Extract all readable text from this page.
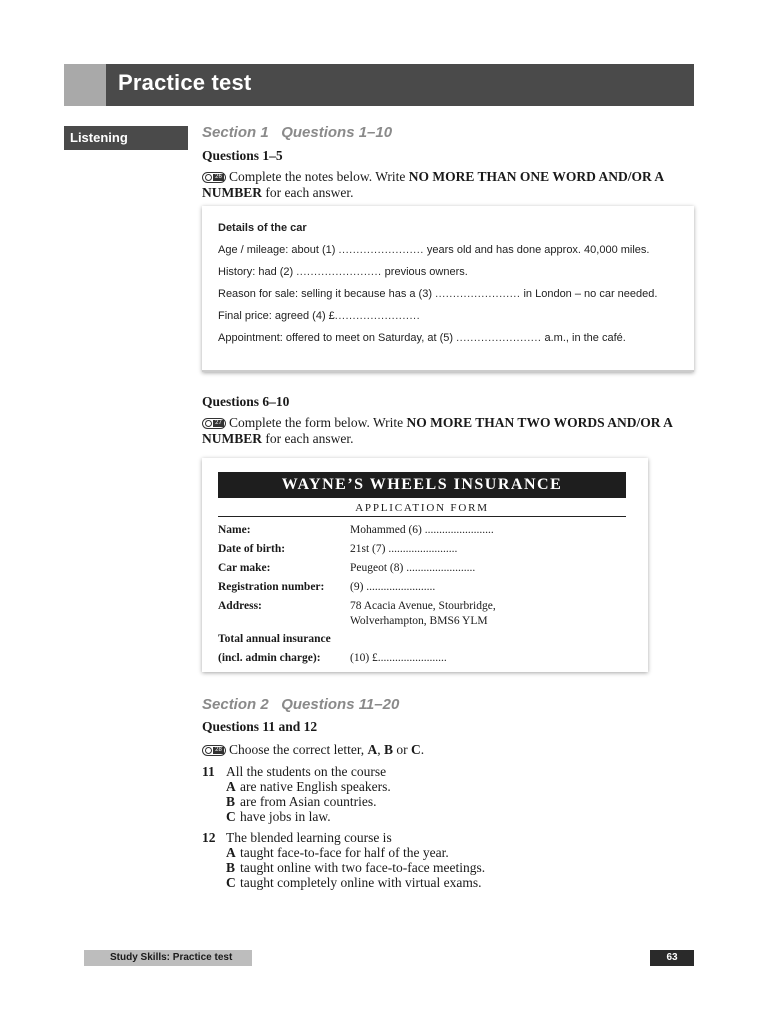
Practice test
Listening	Section 1   Questions 1–10
Questions 1–5
26 Complete the notes below. Write NO MORE THAN ONE WORD AND/OR A
NUMBER for each answer.
Details of the car
Age / mileage: about (1) ........................ years old and has done approx. 40,000 miles.
History: had (2) ........................ previous owners.
Reason for sale: selling it because has a (3) ........................ in London – no car needed.
Final price: agreed (4) £........................
Appointment: offered to meet on Saturday, at (5) ........................ a.m., in the café.
Questions 6–10
27 Complete the form below. Write NO MORE THAN TWO WORDS AND/OR A
NUMBER for each answer.
WAYNE’S WHEELS INSURANCE
APPLICATION FORM
Name:	Mohammed (6) ........................
Date of birth:	21st (7) ........................
Car make:	Peugeot (8) ........................
Registration number: (9) ........................
Address:	78 Acacia Avenue, Stourbridge,
Wolverhampton, BMS6 YLM
Total annual insurance
(incl. admin charge):	(10) £........................
Section 2   Questions 11–20
Questions 11 and 12
28 Choose the correct letter, A, B or C.
11 All the students on the course
A are native English speakers.
B are from Asian countries.
C have jobs in law.
12 The blended learning course is
A taught face-to-face for half of the year.
B taught online with two face-to-face meetings.
C taught completely online with virtual exams.
Study Skills: Practice test	63
